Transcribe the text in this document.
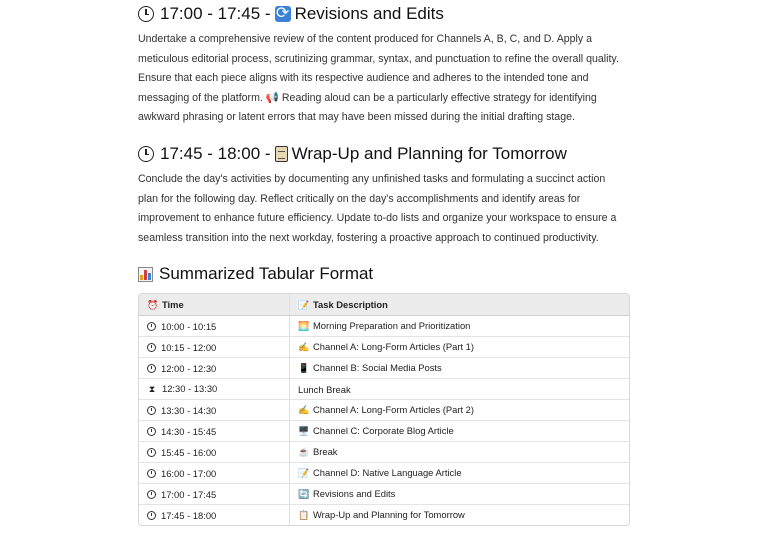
17:00 - 17:45 - ⟳ Revisions and Edits
Undertake a comprehensive review of the content produced for Channels A, B, C, and D. Apply a meticulous editorial process, scrutinizing grammar, syntax, and punctuation to refine the overall quality. Ensure that each piece aligns with its respective audience and adheres to the intended tone and messaging of the platform. 📢 Reading aloud can be a particularly effective strategy for identifying awkward phrasing or latent errors that may have been missed during the initial drafting stage.
17:45 - 18:00 - Wrap-Up and Planning for Tomorrow
Conclude the day's activities by documenting any unfinished tasks and formulating a succinct action plan for the following day. Reflect critically on the day's accomplishments and identify areas for improvement to enhance future efficiency. Update to-do lists and organize your workspace to ensure a seamless transition into the next workday, fostering a proactive approach to continued productivity.
Summarized Tabular Format
⏰ Time	📝 Task Description
10:00 - 10:15	🌅 Morning Preparation and Prioritization
10:15 - 12:00	✍️ Channel A: Long-Form Articles (Part 1)
12:00 - 12:30	📱 Channel B: Social Media Posts
⧗ 12:30 - 13:30	Lunch Break
13:30 - 14:30	✍️ Channel A: Long-Form Articles (Part 2)
14:30 - 15:45	🖥️ Channel C: Corporate Blog Article
15:45 - 16:00	☕ Break
16:00 - 17:00	📝 Channel D: Native Language Article
17:00 - 17:45	🔄 Revisions and Edits
17:45 - 18:00	📋 Wrap-Up and Planning for Tomorrow
